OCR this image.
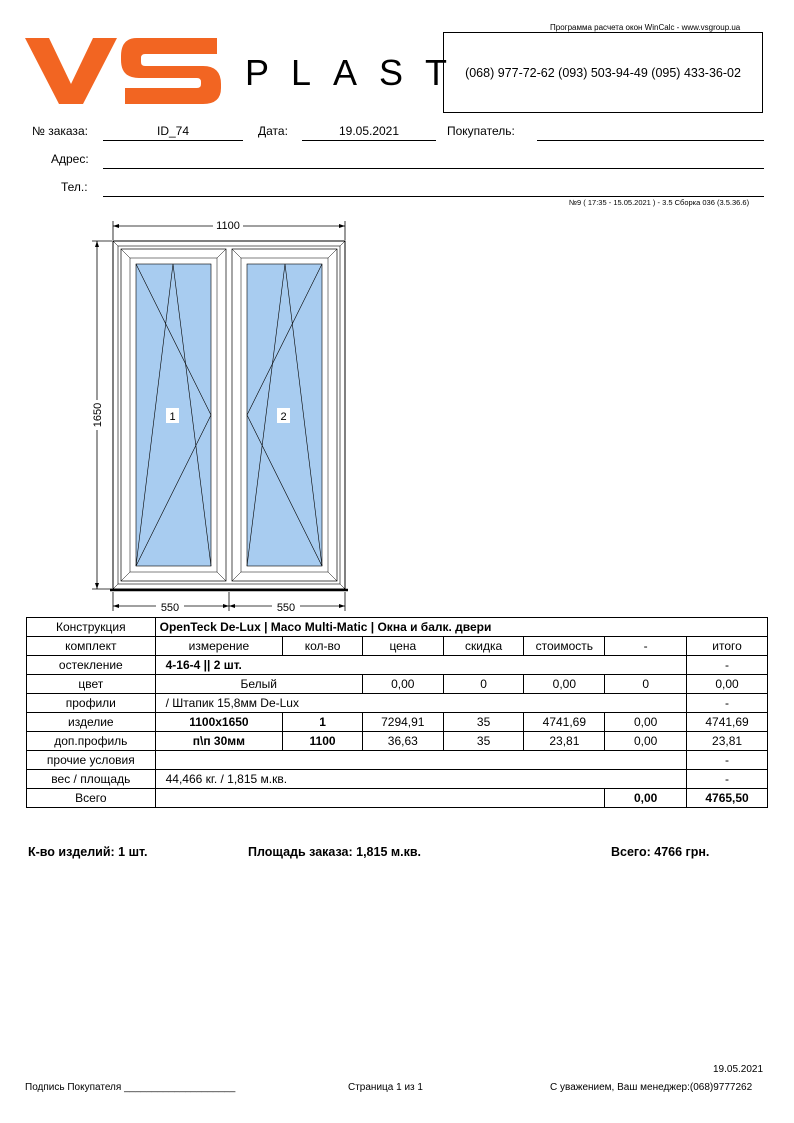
Программа расчета окон WinCalc - www.vsgroup.ua
PLAST
(068) 977-72-62 (093) 503-94-49 (095) 433-36-02
№ заказа:	ID_74	Дата:	19.05.2021	Покупатель:
Адрес:
Тел.:
№9 ( 17:35 - 15.05.2021 ) - 3.5 Сборка 036 (3.5.36.6)
1100
1650	1	2
550	550
Конструкция	OpenTeck De-Lux | Maco Multi-Matic | Окна и балк. двери						
комплект	измерение	кол-во	цена	скидка	стоимость	-	итого
остекление	4-16-4 || 2 шт.						-
цвет	Белый		0,00	0	0,00	0	0,00
профили	/ Штапик 15,8мм De-Lux						-
изделие	1100x1650	1	7294,91	35	4741,69	0,00	4741,69
доп.профиль	п\п 30мм	1100	36,63	35	23,81	0,00	23,81
прочие условия							-
вес / площадь	44,466 кг. / 1,815 м.кв.						-
Всего						0,00	4765,50
К-во изделий: 1 шт.	Площадь заказа: 1,815 м.кв.	Всего: 4766 грн.
19.05.2021
Подпись Покупателя ____________________	Страница 1 из 1	С уважением, Ваш менеджер:(068)9777262
